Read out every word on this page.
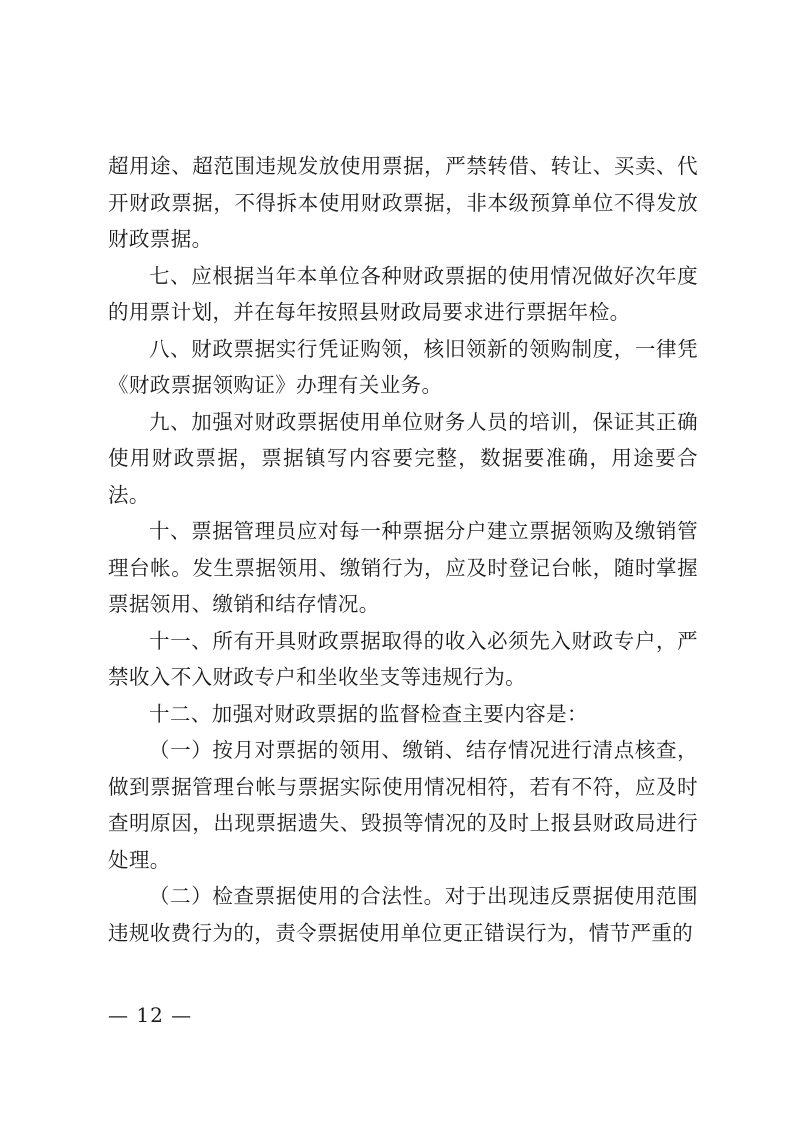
超用途、超范围违规发放使用票据，严禁转借、转让、买卖、代开财政票据，不得拆本使用财政票据，非本级预算单位不得发放财政票据。

七、应根据当年本单位各种财政票据的使用情况做好次年度的用票计划，并在每年按照县财政局要求进行票据年检。

八、财政票据实行凭证购领，核旧领新的领购制度，一律凭《财政票据领购证》办理有关业务。

九、加强对财政票据使用单位财务人员的培训，保证其正确使用财政票据，票据镇写内容要完整，数据要准确，用途要合法。

十、票据管理员应对每一种票据分户建立票据领购及缴销管理台帐。发生票据领用、缴销行为，应及时登记台帐，随时掌握票据领用、缴销和结存情况。

十一、所有开具财政票据取得的收入必须先入财政专户，严禁收入不入财政专户和坐收坐支等违规行为。

十二、加强对财政票据的监督检查主要内容是：

（一）按月对票据的领用、缴销、结存情况进行清点核查，做到票据管理台帐与票据实际使用情况相符，若有不符，应及时查明原因，出现票据遗失、毁损等情况的及时上报县财政局进行处理。

（二）检查票据使用的合法性。对于出现违反票据使用范围违规收费行为的，责令票据使用单位更正错误行为，情节严重的

— 12 —
